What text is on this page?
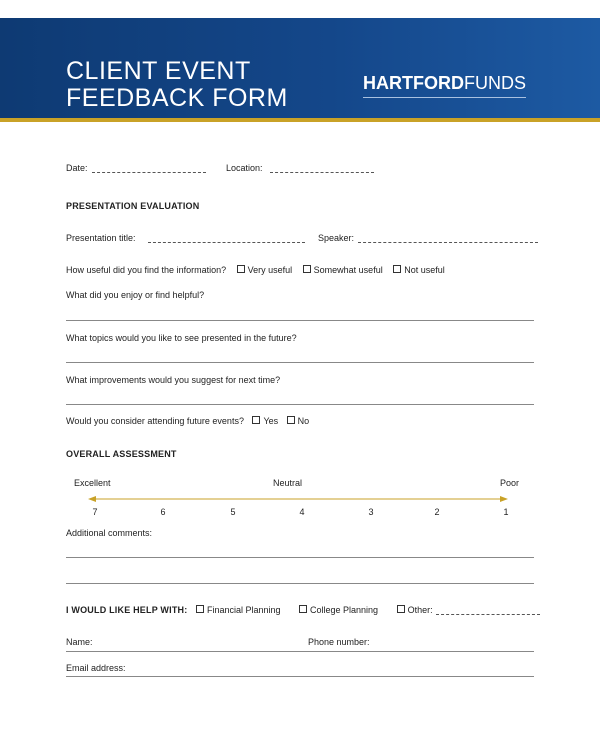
CLIENT EVENT
FEEDBACK FORM
HARTFORDFUNDS
Date:	Location:
PRESENTATION EVALUATION
Presentation title:	Speaker:
How useful did you find the information? Very useful Somewhat useful Not useful
What did you enjoy or find helpful?
What topics would you like to see presented in the future?
What improvements would you suggest for next time?
Would you consider attending future events? Yes No
OVERALL ASSESSMENT
Excellent	Neutral	Poor
7	6	5	4	3	2	1
Additional comments:
I WOULD LIKE HELP WITH: Financial Planning	College Planning	Other:
Name:	Phone number:
Email address:
